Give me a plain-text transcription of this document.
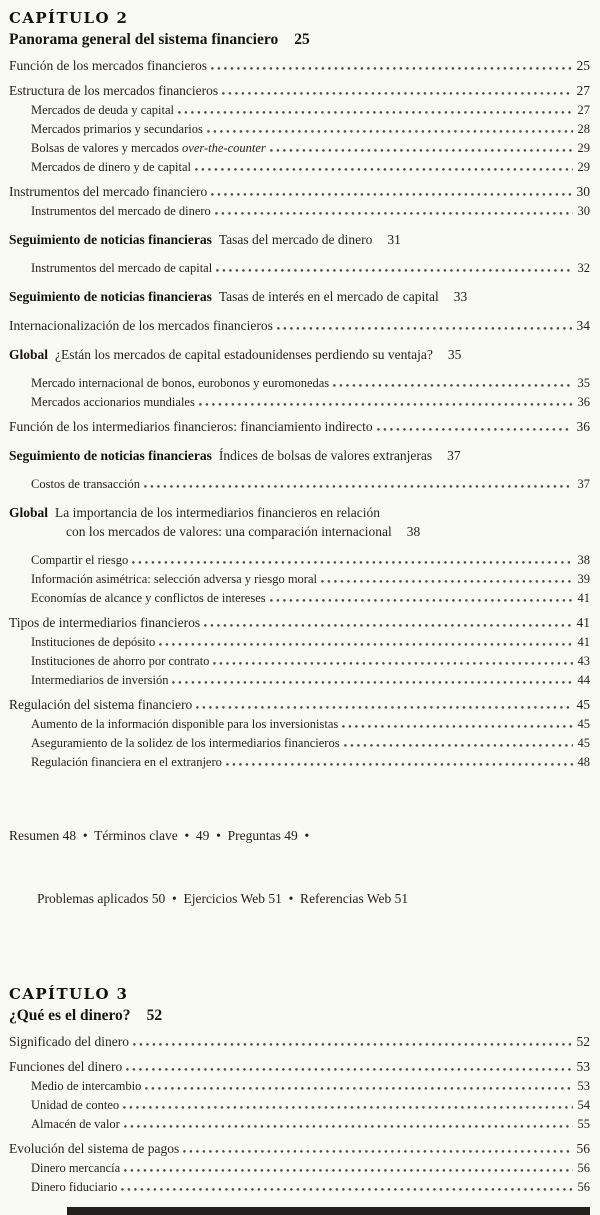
CAPÍTULO 2
Panorama general del sistema financiero 25
Función de los mercados financieros	25
Estructura de los mercados financieros	27
Mercados de deuda y capital	27
Mercados primarios y secundarios	28
Bolsas de valores y mercados over-the-counter	29
Mercados de dinero y de capital	29
Instrumentos del mercado financiero	30
Instrumentos del mercado de dinero	30
Seguimiento de noticias financieras Tasas del mercado de dinero 31
Instrumentos del mercado de capital	32
Seguimiento de noticias financieras Tasas de interés en el mercado de capital 33
Internacionalización de los mercados financieros	34
Global ¿Están los mercados de capital estadounidenses perdiendo su ventaja? 35
Mercado internacional de bonos, eurobonos y euromonedas	35
Mercados accionarios mundiales	36
Función de los intermediarios financieros: financiamiento indirecto	36
Seguimiento de noticias financieras Índices de bolsas de valores extranjeras 37
Costos de transacción	37
Global La importancia de los intermediarios financieros en relación
con los mercados de valores: una comparación internacional 38
Compartir el riesgo	38
Información asimétrica: selección adversa y riesgo moral	39
Economías de alcance y conflictos de intereses	41
Tipos de intermediarios financieros	41
Instituciones de depósito	41
Instituciones de ahorro por contrato	43
Intermediarios de inversión	44
Regulación del sistema financiero	45
Aumento de la información disponible para los inversionistas	45
Aseguramiento de la solidez de los intermediarios financieros	45
Regulación financiera en el extranjero	48

Resumen 48  •  Términos clave  •  49  •  Preguntas 49  •

Problemas aplicados 50  •  Ejercicios Web 51  •  Referencias Web 51

CAPÍTULO 3
¿Qué es el dinero? 52
Significado del dinero	52
Funciones del dinero	53
Medio de intercambio	53
Unidad de conteo	54
Almacén de valor	55
Evolución del sistema de pagos	56
Dinero mercancía	56
Dinero fiduciario	56
